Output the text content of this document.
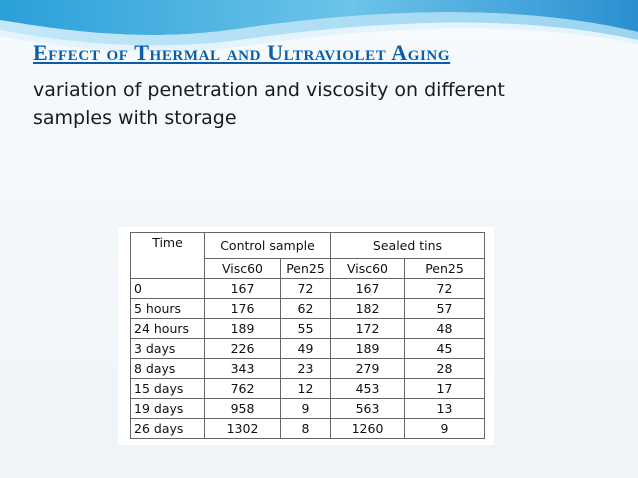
Effect of Thermal and Ultraviolet Aging
variation of penetration and viscosity on different samples with storage
Time	Control sample		Sealed tins	
	Visc60	Pen25	Visc60	Pen25
0	167	72	167	72
5 hours	176	62	182	57
24 hours	189	55	172	48
3 days	226	49	189	45
8 days	343	23	279	28
15 days	762	12	453	17
19 days	958	9	563	13
26 days	1302	8	1260	9
